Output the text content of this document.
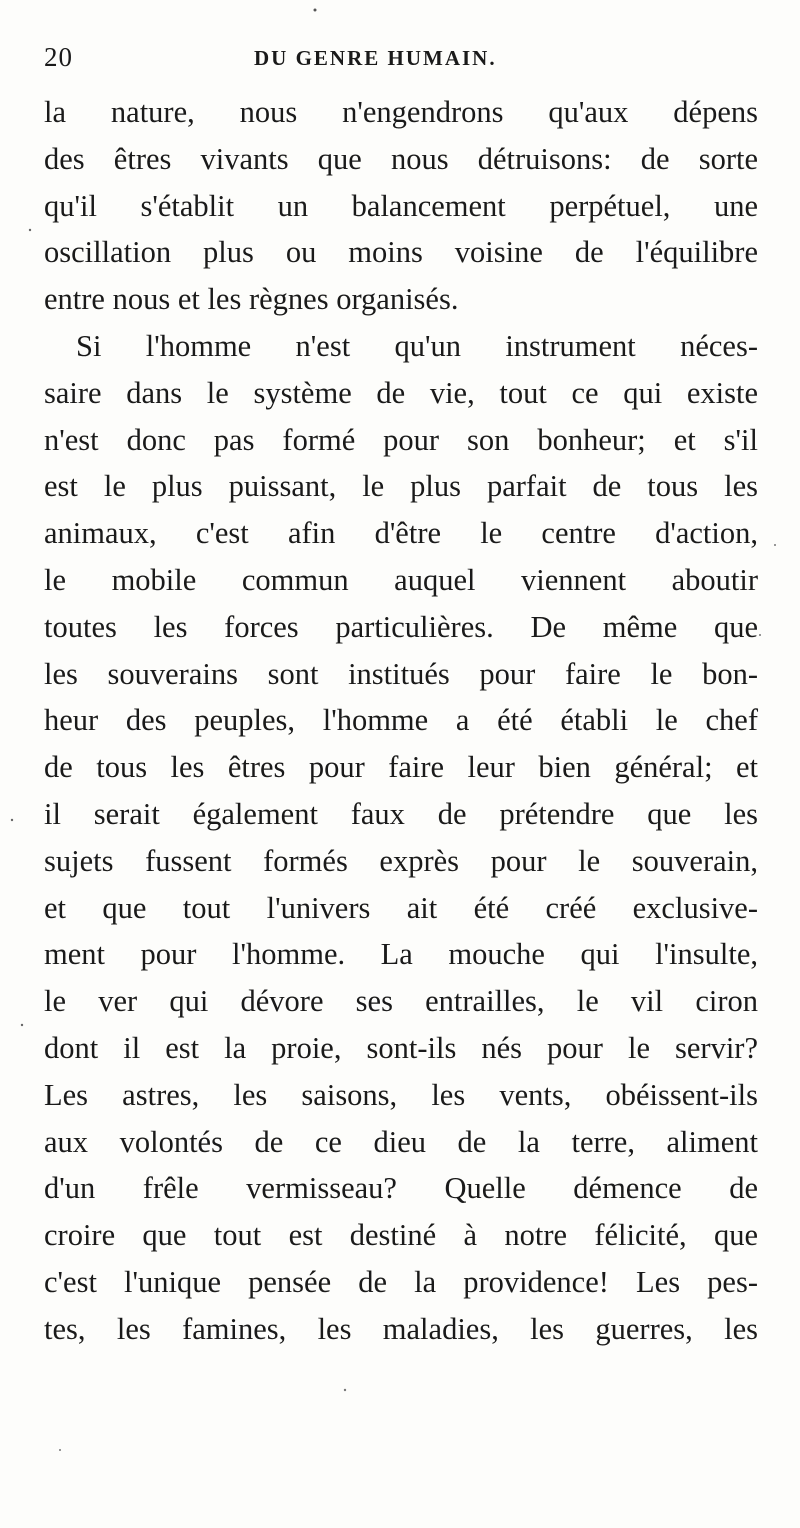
20	DU GENRE HUMAIN.
la nature, nous n'engendrons qu'aux dépens
des êtres vivants que nous détruisons: de sorte
qu'il s'établit un balancement perpétuel, une
oscillation plus ou moins voisine de l'équilibre
entre nous et les règnes organisés.
Si l'homme n'est qu'un instrument néces-
saire dans le système de vie, tout ce qui existe
n'est donc pas formé pour son bonheur; et s'il
est le plus puissant, le plus parfait de tous les
animaux, c'est afin d'être le centre d'action,
le mobile commun auquel viennent aboutir
toutes les forces particulières. De même que
les souverains sont institués pour faire le bon-
heur des peuples, l'homme a été établi le chef
de tous les êtres pour faire leur bien général; et
il serait également faux de prétendre que les
sujets fussent formés exprès pour le souverain,
et que tout l'univers ait été créé exclusive-
ment pour l'homme. La mouche qui l'insulte,
le ver qui dévore ses entrailles, le vil ciron
dont il est la proie, sont-ils nés pour le servir?
Les astres, les saisons, les vents, obéissent-ils
aux volontés de ce dieu de la terre, aliment
d'un frêle vermisseau? Quelle démence de
croire que tout est destiné à notre félicité, que
c'est l'unique pensée de la providence! Les pes-
tes, les famines, les maladies, les guerres, les
